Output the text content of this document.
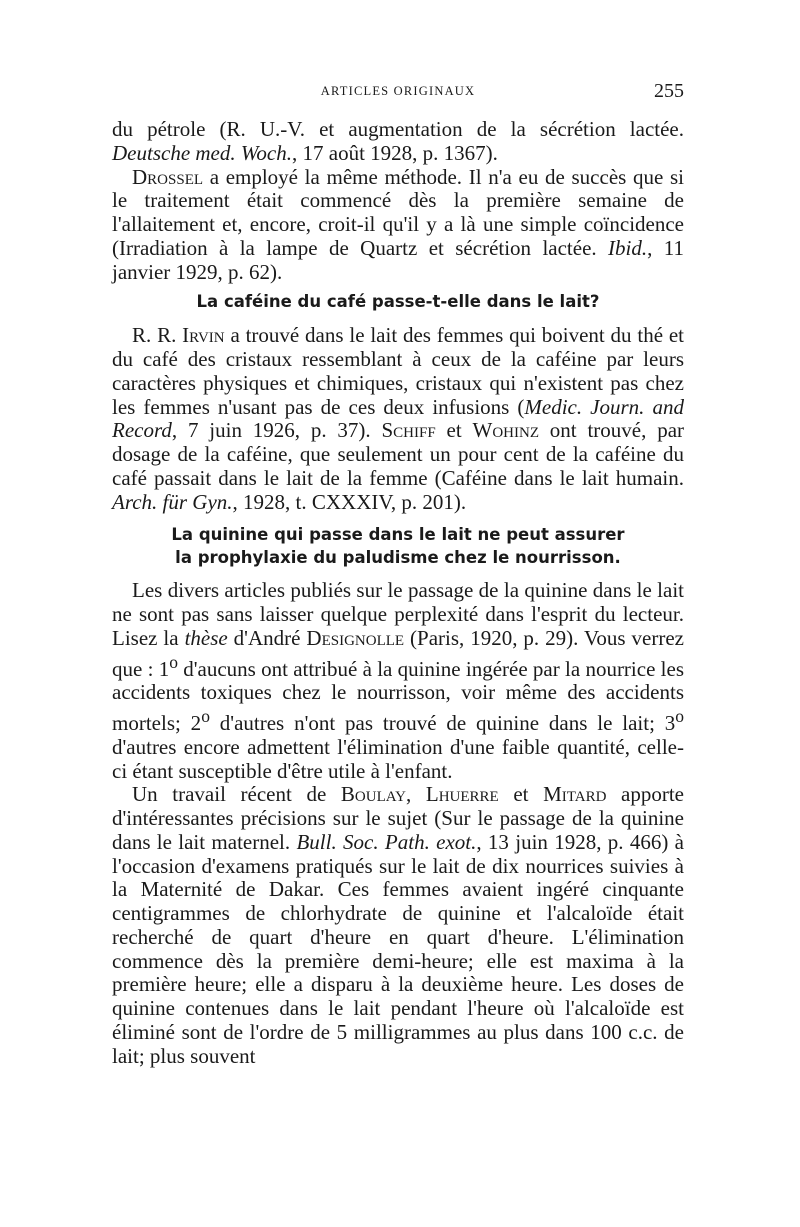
ARTICLES ORIGINAUX	255

du pétrole (R. U.-V. et augmentation de la sécrétion lactée. Deutsche med. Woch., 17 août 1928, p. 1367).

Drossel a employé la même méthode. Il n'a eu de succès que si le traitement était commencé dès la première semaine de l'allaitement et, encore, croit-il qu'il y a là une simple coïncidence (Irradiation à la lampe de Quartz et sécrétion lactée. Ibid., 11 janvier 1929, p. 62).

La caféine du café passe-t-elle dans le lait?

R. R. Irvin a trouvé dans le lait des femmes qui boivent du thé et du café des cristaux ressemblant à ceux de la caféine par leurs caractères physiques et chimiques, cristaux qui n'existent pas chez les femmes n'usant pas de ces deux infusions (Medic. Journ. and Record, 7 juin 1926, p. 37). Schiff et Wohinz ont trouvé, par dosage de la caféine, que seulement un pour cent de la caféine du café passait dans le lait de la femme (Caféine dans le lait humain. Arch. für Gyn., 1928, t. CXXXIV, p. 201).

La quinine qui passe dans le lait ne peut assurer
la prophylaxie du paludisme chez le nourrisson.

Les divers articles publiés sur le passage de la quinine dans le lait ne sont pas sans laisser quelque perplexité dans l'esprit du lecteur. Lisez la thèse d'André Designolle (Paris, 1920, p. 29). Vous verrez que : 1$^o$ d'aucuns ont attribué à la quinine ingérée par la nourrice les accidents toxiques chez le nourrisson, voir même des accidents mortels; 2$^o$ d'autres n'ont pas trouvé de quinine dans le lait; 3$^o$ d'autres encore admettent l'élimination d'une faible quantité, celle-ci étant susceptible d'être utile à l'enfant.

Un travail récent de Boulay, Lhuerre et Mitard apporte d'intéressantes précisions sur le sujet (Sur le passage de la quinine dans le lait maternel. Bull. Soc. Path. exot., 13 juin 1928, p. 466) à l'occasion d'examens pratiqués sur le lait de dix nourrices suivies à la Maternité de Dakar. Ces femmes avaient ingéré cinquante centigrammes de chlorhydrate de quinine et l'alcaloïde était recherché de quart d'heure en quart d'heure. L'élimination commence dès la première demi-heure; elle est maxima à la première heure; elle a disparu à la deuxième heure. Les doses de quinine contenues dans le lait pendant l'heure où l'alcaloïde est éliminé sont de l'ordre de 5 milligrammes au plus dans 100 c.c. de lait; plus souvent
